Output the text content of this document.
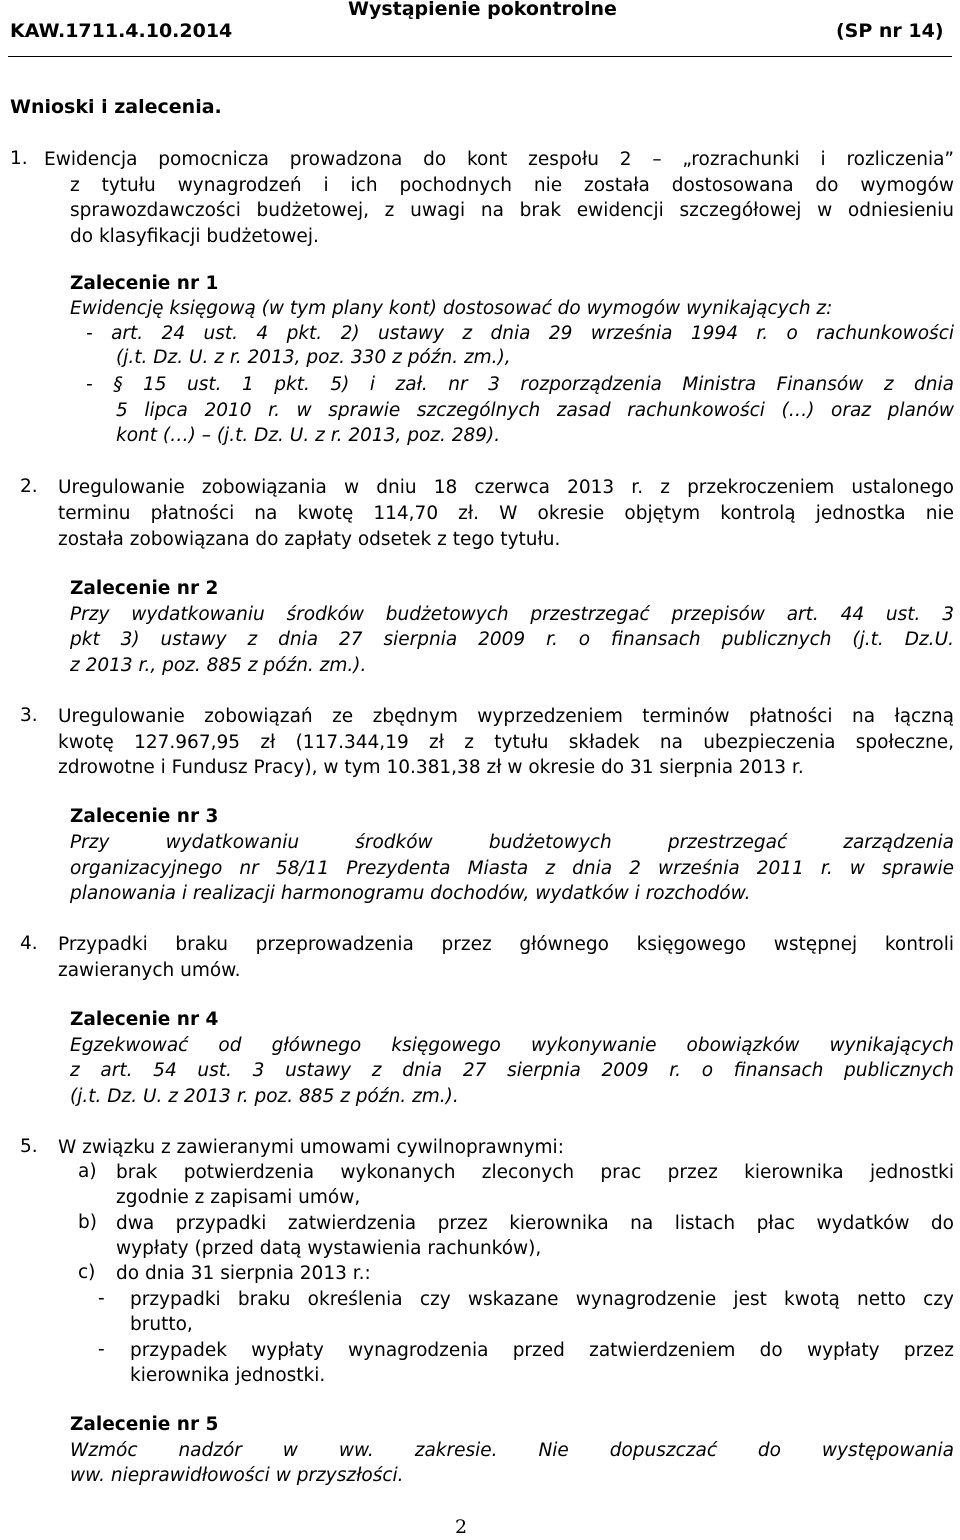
KAW.1711.4.10.2014
Wystąpienie pokontrolne
(SP nr 14)
Wnioski i zalecenia.
1. Ewidencja pomocnicza prowadzona do kont zespołu 2 – „rozrachunki i rozliczenia”
z tytułu wynagrodzeń i ich pochodnych nie została dostosowana do wymogów
sprawozdawczości budżetowej, z uwagi na brak ewidencji szczegółowej w odniesieniu
do klasyfikacji budżetowej.
Zalecenie nr 1
Ewidencję księgową (w tym plany kont) dostosować do wymogów wynikających z:
- art. 24 ust. 4 pkt. 2) ustawy z dnia 29 września 1994 r. o rachunkowości
(j.t. Dz. U. z r. 2013, poz. 330 z późn. zm.),
- § 15 ust. 1 pkt. 5) i zał. nr 3 rozporządzenia Ministra Finansów z dnia
5 lipca 2010 r. w sprawie szczególnych zasad rachunkowości (…) oraz planów
kont (…) – (j.t. Dz. U. z r. 2013, poz. 289).
2. Uregulowanie zobowiązania w dniu 18 czerwca 2013 r. z przekroczeniem ustalonego
terminu płatności na kwotę 114,70 zł. W okresie objętym kontrolą jednostka nie
została zobowiązana do zapłaty odsetek z tego tytułu.
Zalecenie nr 2
Przy wydatkowaniu środków budżetowych przestrzegać przepisów art. 44 ust. 3
pkt 3) ustawy z dnia 27 sierpnia 2009 r. o finansach publicznych (j.t. Dz.U.
z 2013 r., poz. 885 z późn. zm.).
3. Uregulowanie zobowiązań ze zbędnym wyprzedzeniem terminów płatności na łączną
kwotę 127.967,95 zł (117.344,19 zł z tytułu składek na ubezpieczenia społeczne,
zdrowotne i Fundusz Pracy), w tym 10.381,38 zł w okresie do 31 sierpnia 2013 r.
Zalecenie nr 3
Przy wydatkowaniu środków budżetowych przestrzegać zarządzenia
organizacyjnego nr 58/11 Prezydenta Miasta z dnia 2 września 2011 r. w sprawie
planowania i realizacji harmonogramu dochodów, wydatków i rozchodów.
4. Przypadki braku przeprowadzenia przez głównego księgowego wstępnej kontroli
zawieranych umów.
Zalecenie nr 4
Egzekwować od głównego księgowego wykonywanie obowiązków wynikających
z art. 54 ust. 3 ustawy z dnia 27 sierpnia 2009 r. o finansach publicznych
(j.t. Dz. U. z 2013 r. poz. 885 z późn. zm.).
5. W związku z zawieranymi umowami cywilnoprawnymi:
a) brak potwierdzenia wykonanych zleconych prac przez kierownika jednostki
zgodnie z zapisami umów,
b) dwa przypadki zatwierdzenia przez kierownika na listach płac wydatków do
wypłaty (przed datą wystawienia rachunków),
c) do dnia 31 sierpnia 2013 r.:
- przypadki braku określenia czy wskazane wynagrodzenie jest kwotą netto czy
brutto,
- przypadek wypłaty wynagrodzenia przed zatwierdzeniem do wypłaty przez
kierownika jednostki.
Zalecenie nr 5
Wzmóc nadzór w ww. zakresie. Nie dopuszczać do występowania
ww. nieprawidłowości w przyszłości.
2
